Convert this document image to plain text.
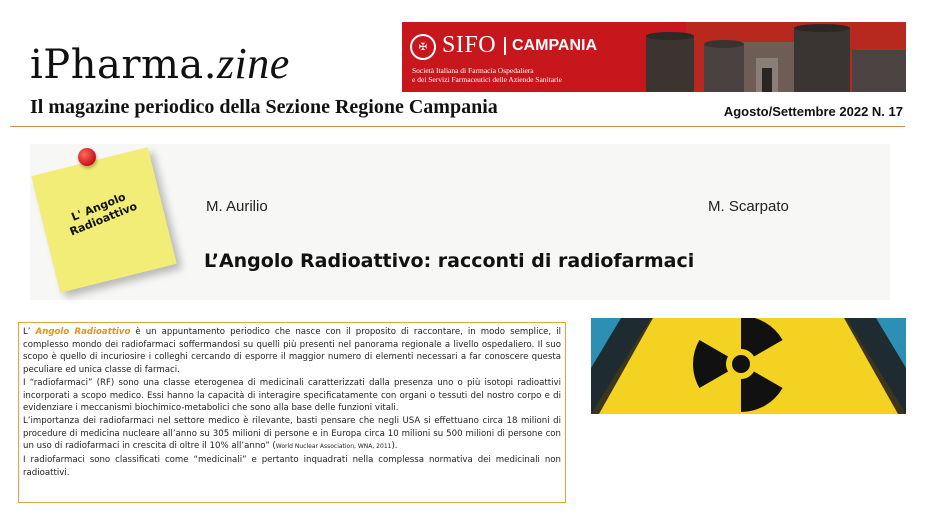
iPharma.zine	✠ SIFO CAMPANIA
Società Italiana di Farmacia Ospedaliera
e dei Servizi Farmaceutici delle Aziende Sanitarie
Il magazine periodico della Sezione Regione Campania	Agosto/Settembre 2022 N. 17
L' Angolo Radioattivo	M. Aurilio	M. Scarpato
L’Angolo Radioattivo: racconti di radiofarmaci

L’ Angolo Radioattivo è un appuntamento periodico che nasce con il proposito di raccontare, in modo semplice, il complesso mondo dei radiofarmaci soffermandosi su quelli più presenti nel panorama regionale a livello ospedaliero. Il suo scopo è quello di incuriosire i colleghi cercando di esporre il maggior numero di elementi necessari a far conoscere questa peculiare ed unica classe di farmaci.

I “radiofarmaci” (RF) sono una classe eterogenea di medicinali caratterizzati dalla presenza uno o più isotopi radioattivi incorporati a scopo medico. Essi hanno la capacità di interagire specificatamente con organi o tessuti del nostro corpo e di evidenziare i meccanismi biochimico-metabolici che sono alla base delle funzioni vitali.

L’importanza dei radiofarmaci nel settore medico è rilevante, basti pensare che negli USA si effettuano circa 18 milioni di procedure di medicina nucleare all’anno su 305 milioni di persone e in Europa circa 10 milioni su 500 milioni di persone con un uso di radiofarmaci in crescita di oltre il 10% all’anno” (World Nuclear Association, WNA, 2011).

I radiofarmaci sono classificati come “medicinali” e pertanto inquadrati nella complessa normativa dei medicinali non radioattivi.
